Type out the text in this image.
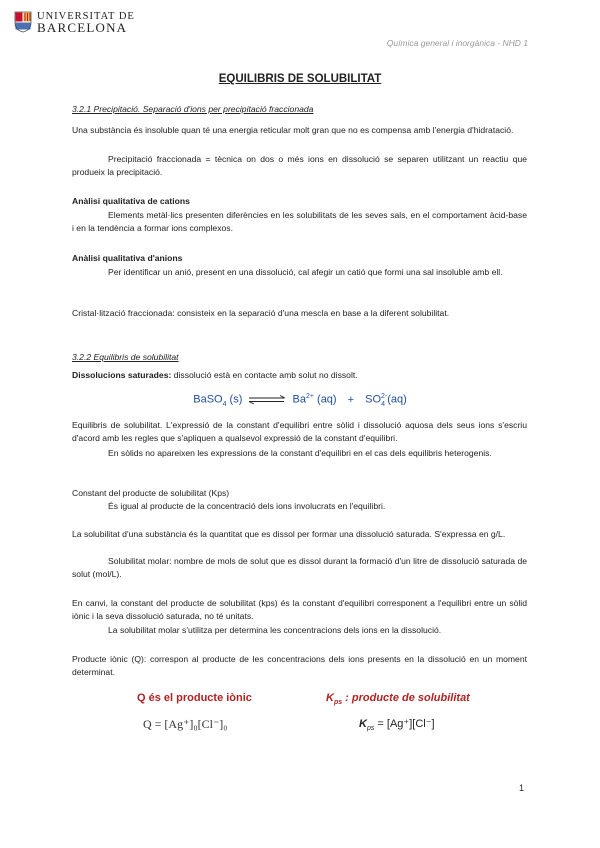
UNIVERSITAT DE
BARCELONA
Química general i inorgànica - NHD 1
EQUILIBRIS DE SOLUBILITAT
3.2.1 Precipitació. Separació d'ions per precipitació fraccionada
Una substància és insoluble quan té una energia reticular molt gran que no es compensa amb l'energia d'hidratació.
Precipitació fraccionada = tècnica on dos o més ions en dissolució se separen utilitzant un reactiu que produeix la precipitació.
Anàlisi qualitativa de cations
Elements metàl·lics presenten diferències en les solubilitats de les seves sals, en el comportament àcid-base i en la tendència a formar ions complexos.
Anàlisi qualitativa d'anions
Per identificar un anió, present en una dissolució, cal afegir un catió que formi una sal insoluble amb ell.
Cristal·lització fraccionada: consisteix en la separació d'una mescla en base a la diferent solubilitat.
3.2.2 Equilibris de solubilitat
Dissolucions saturades: dissolució està en contacte amb solut no dissolt.
BaSO$_4$ (s) ⇌ $Ba^{2+}$ $(aq) + SO_4^{2-}(aq)$
Equilibris de solubilitat. L'expressió de la constant d'equilibri entre sòlid i dissolució aquosa dels seus ions s'escriu d'acord amb les regles que s'apliquen a qualsevol expressió de la constant d'equilibri.
En sòlids no apareixen les expressions de la constant d'equilibri en el cas dels equilibris heterogenis.
Constant del producte de solubilitat (Kps)
És igual al producte de la concentració dels ions involucrats en l'equilibri.
La solubilitat d'una substància és la quantitat que es dissol per formar una dissolució saturada. S'expressa en g/L.
Solubilitat molar: nombre de mols de solut que es dissol durant la formació d'un litre de dissolució saturada de solut (mol/L).
En canvi, la constant del producte de solubilitat (kps) és la constant d'equilibri corresponent a l'equilibri entre un sòlid iònic i la seva dissolució saturada, no té unitats.
La solubilitat molar s'utilitza per determina les concentracions dels ions en la dissolució.
Producte iònic (Q): correspon al producte de les concentracions dels ions presents en la dissolució en un moment determinat.
Q és el producte iònic	$K_{ps}$ : producte de solubilitat
Q = [Ag⁺]₀[Cl⁻]₀	$K_{ps} = [Ag^+][Cl^-]$
1
